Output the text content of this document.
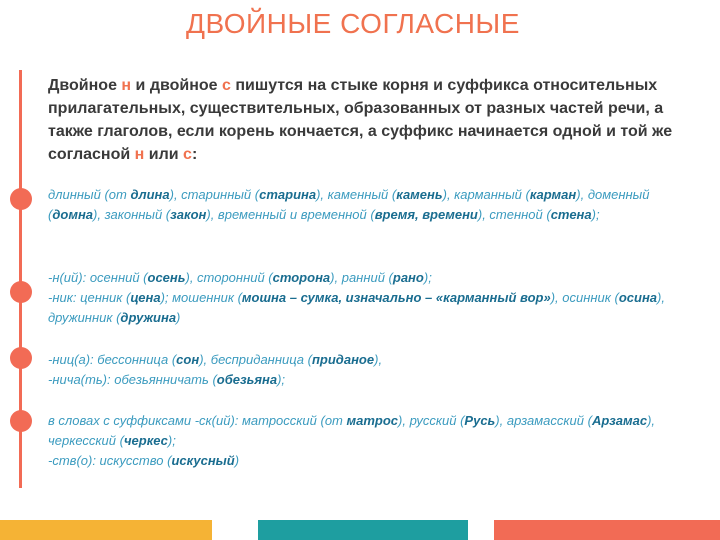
ДВОЙНЫЕ СОГЛАСНЫЕ
Двойное н и двойное с пишутся на стыке корня и суффикса относительных прилагательных, существительных, образованных от разных частей речи, а также глаголов, если корень кончается, а суффикс начинается одной и той же согласной н или с:
длинный (от длина), старинный (старина), каменный (камень), карманный (карман), доменный (домна), законный (закон), временный и временной (время, времени), стенной (стена);
-н(ий): осенний (осень), сторонний (сторона), ранний (рано);
-ник: ценник (цена); мошенник (мошна – сумка, изначально – «карманный вор»), осинник (осина), дружинник (дружина)
-ниц(а): бессонница (сон), бесприданница (приданое),
-нича(ть): обезьянничать (обезьяна);
в словах с суффиксами -ск(ий): матросский (от матрос), русский (Русь), арзамасский (Арзамас), черкесский (черкес);
-ств(о): искусство (искусный)
